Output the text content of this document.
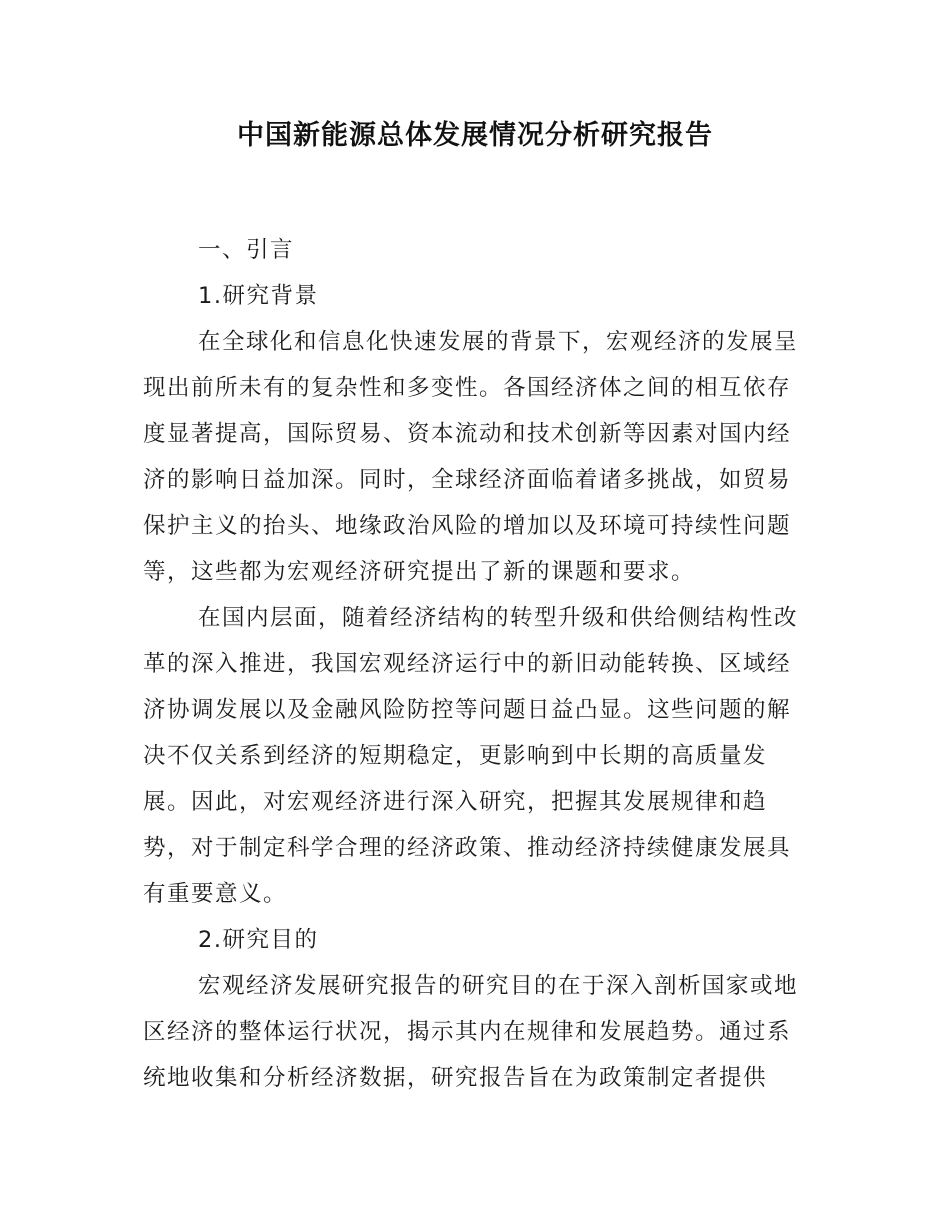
中国新能源总体发展情况分析研究报告

一、引言

1.研究背景

在全球化和信息化快速发展的背景下，宏观经济的发展呈现出前所未有的复杂性和多变性。各国经济体之间的相互依存度显著提高，国际贸易、资本流动和技术创新等因素对国内经济的影响日益加深。同时，全球经济面临着诸多挑战，如贸易保护主义的抬头、地缘政治风险的增加以及环境可持续性问题等，这些都为宏观经济研究提出了新的课题和要求。

在国内层面，随着经济结构的转型升级和供给侧结构性改革的深入推进，我国宏观经济运行中的新旧动能转换、区域经济协调发展以及金融风险防控等问题日益凸显。这些问题的解决不仅关系到经济的短期稳定，更影响到中长期的高质量发展。因此，对宏观经济进行深入研究，把握其发展规律和趋势，对于制定科学合理的经济政策、推动经济持续健康发展具有重要意义。

2.研究目的

宏观经济发展研究报告的研究目的在于深入剖析国家或地区经济的整体运行状况，揭示其内在规律和发展趋势。通过系统地收集和分析经济数据，研究报告旨在为政策制定者提供
